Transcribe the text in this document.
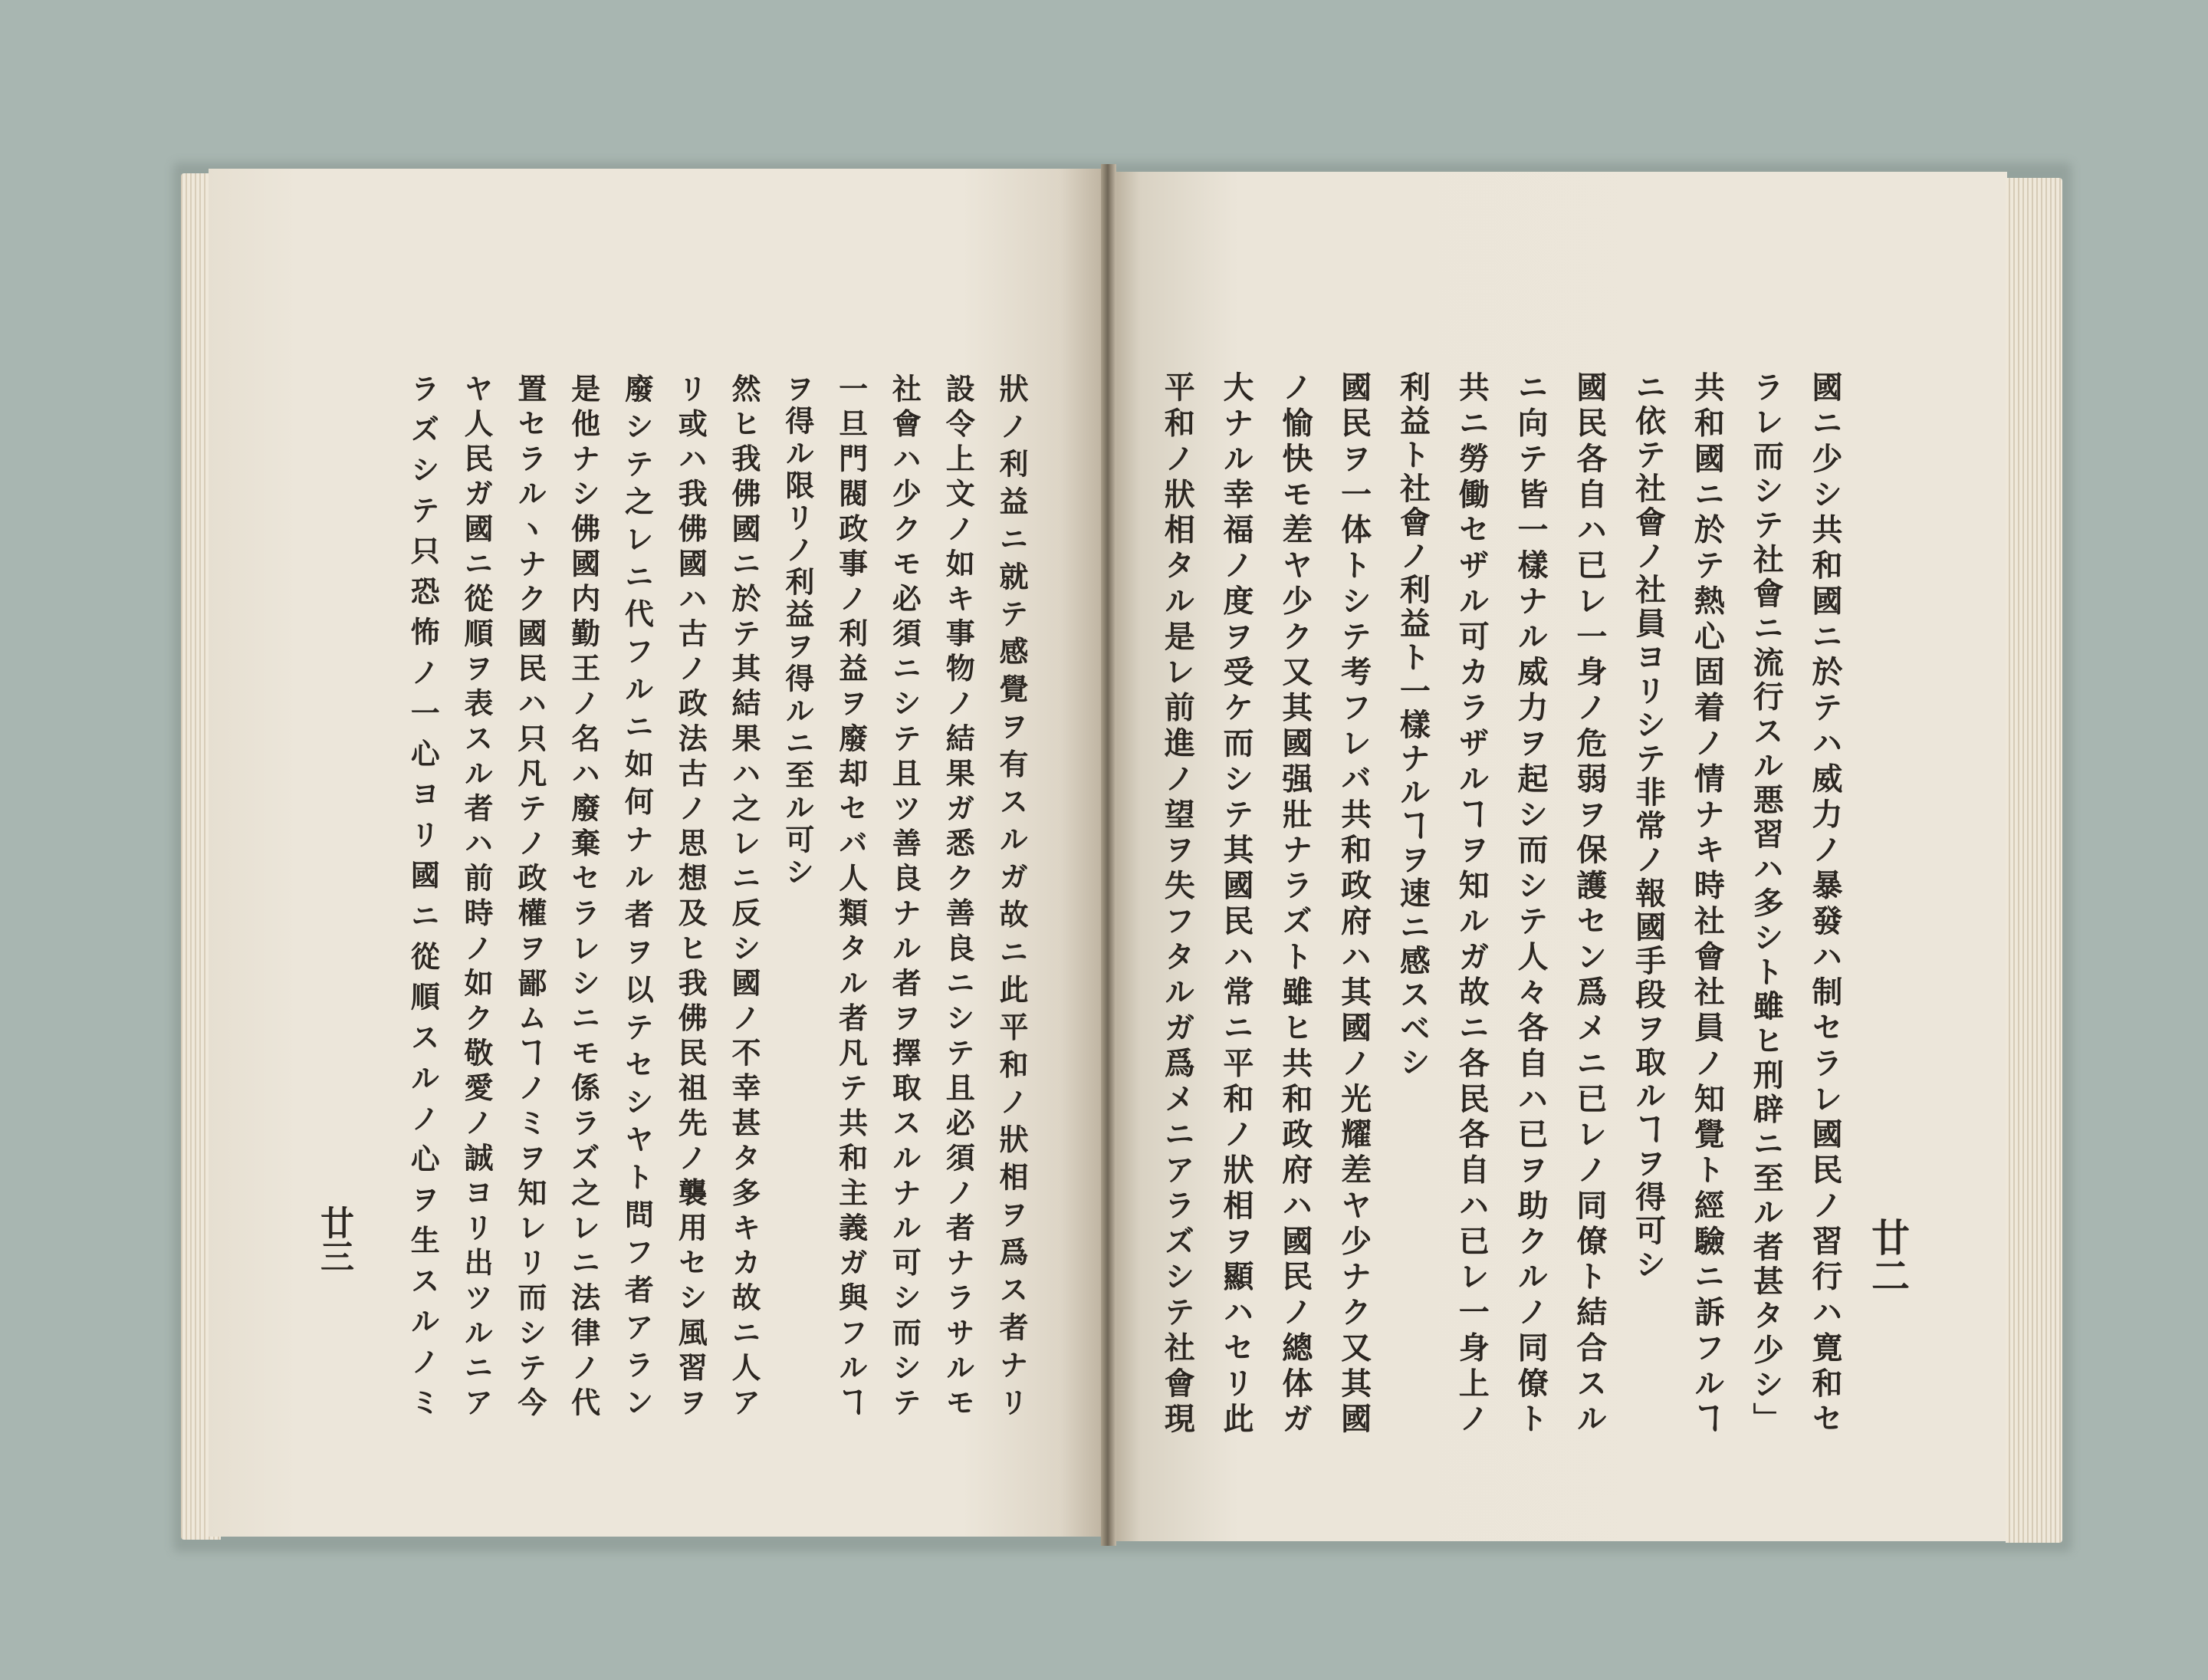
國ニ少シ共和國ニ於テハ威力ノ暴發ハ制セラレ國民ノ習行ハ寛和セ
ラレ而シテ社會ニ流行スル悪習ハ多シト雖ヒ刑辟ニ至ル者甚タ少シ」
共和國ニ於テ熱心固着ノ情ナキ時社會社員ノ知覺ト經驗ニ訴フルヿ
ニ依テ社會ノ社員ヨリシテ非常ノ報國手段ヲ取ルヿヲ得可シ
國民各自ハ已レ一身ノ危弱ヲ保護セン爲メニ已レノ同僚ト結合スル
ニ向テ皆一樣ナル威力ヲ起シ而シテ人々各自ハ已ヲ助クルノ同僚ト
共ニ勞働セザル可カラザルヿヲ知ルガ故ニ各民各自ハ已レ一身上ノ
利益ト社會ノ利益ト一樣ナルヿヲ速ニ感スベシ
國民ヲ一体トシテ考フレバ共和政府ハ其國ノ光耀差ヤ少ナク又其國
ノ愉快モ差ヤ少ク又其國强壯ナラズト雖ヒ共和政府ハ國民ノ總体ガ
大ナル幸福ノ度ヲ受ケ而シテ其國民ハ常ニ平和ノ狀相ヲ顯ハセリ此
平和ノ狀相タル是レ前進ノ望ヲ失フタルガ爲メニアラズシテ社會現	廿二
狀ノ利益ニ就テ感覺ヲ有スルガ故ニ此平和ノ狀相ヲ爲ス者ナリ
設令上文ノ如キ事物ノ結果ガ悉ク善良ニシテ且必須ノ者ナラサルモ
社會ハ少クモ必須ニシテ且ツ善良ナル者ヲ擇取スルナル可シ而シテ
一旦門閥政事ノ利益ヲ廢却セバ人類タル者凡テ共和主義ガ與フルヿ
ヲ得ル限リノ利益ヲ得ルニ至ル可シ
然ヒ我佛國ニ於テ其結果ハ之レニ反シ國ノ不幸甚タ多キカ故ニ人ア
リ或ハ我佛國ハ古ノ政法古ノ思想及ヒ我佛民祖先ノ襲用セシ風習ヲ
廢シテ之レニ代フルニ如何ナル者ヲ以テセシヤト問フ者アラン
是他ナシ佛國内勤王ノ名ハ廢棄セラレシニモ係ラズ之レニ法律ノ代
置セラルヽナク國民ハ只凡テノ政權ヲ鄙ムヿノミヲ知レリ而シテ今
ヤ人民ガ國ニ從順ヲ表スル者ハ前時ノ如ク敬愛ノ誠ヨリ出ツルニア
ラズシテ只恐怖ノ一心ヨリ國ニ從順スルノ心ヲ生スルノミ
廿三
